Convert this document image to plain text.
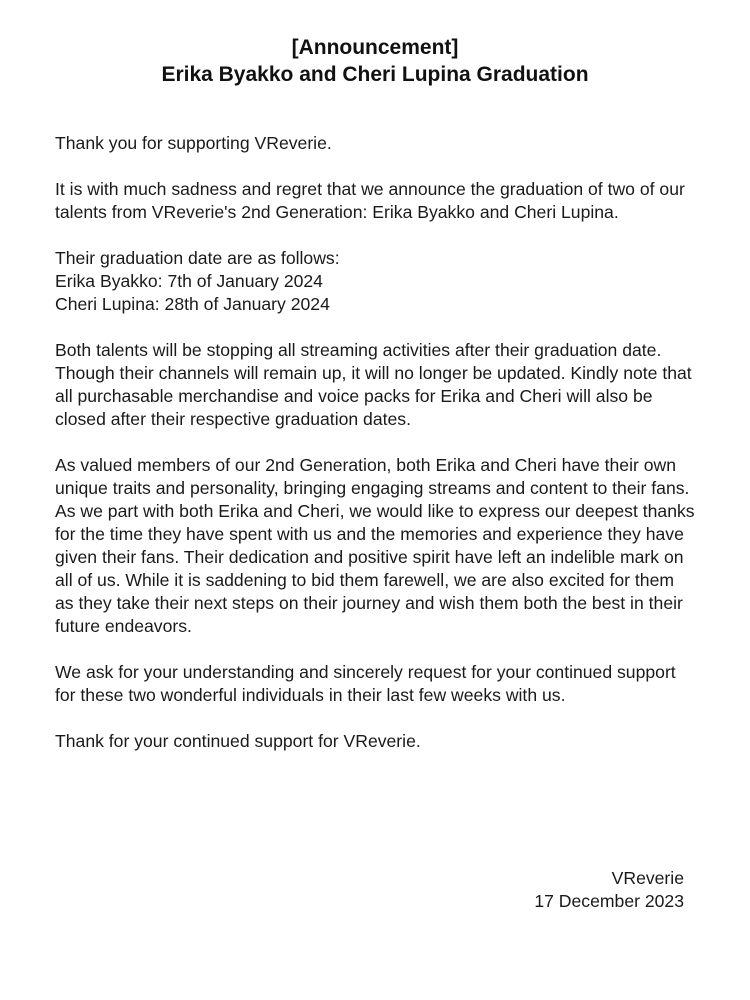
[Announcement]
Erika Byakko and Cheri Lupina Graduation

Thank you for supporting VReverie.

It is with much sadness and regret that we announce the graduation of two of our talents from VReverie's 2nd Generation: Erika Byakko and Cheri Lupina.

Their graduation date are as follows:
Erika Byakko: 7th of January 2024
Cheri Lupina: 28th of January 2024

Both talents will be stopping all streaming activities after their graduation date. Though their channels will remain up, it will no longer be updated. Kindly note that all purchasable merchandise and voice packs for Erika and Cheri will also be closed after their respective graduation dates.

As valued members of our 2nd Generation, both Erika and Cheri have their own unique traits and personality, bringing engaging streams and content to their fans. As we part with both Erika and Cheri, we would like to express our deepest thanks for the time they have spent with us and the memories and experience they have given their fans. Their dedication and positive spirit have left an indelible mark on all of us. While it is saddening to bid them farewell, we are also excited for them as they take their next steps on their journey and wish them both the best in their future endeavors.

We ask for your understanding and sincerely request for your continued support for these two wonderful individuals in their last few weeks with us.

Thank for your continued support for VReverie.

VReverie
17 December 2023
